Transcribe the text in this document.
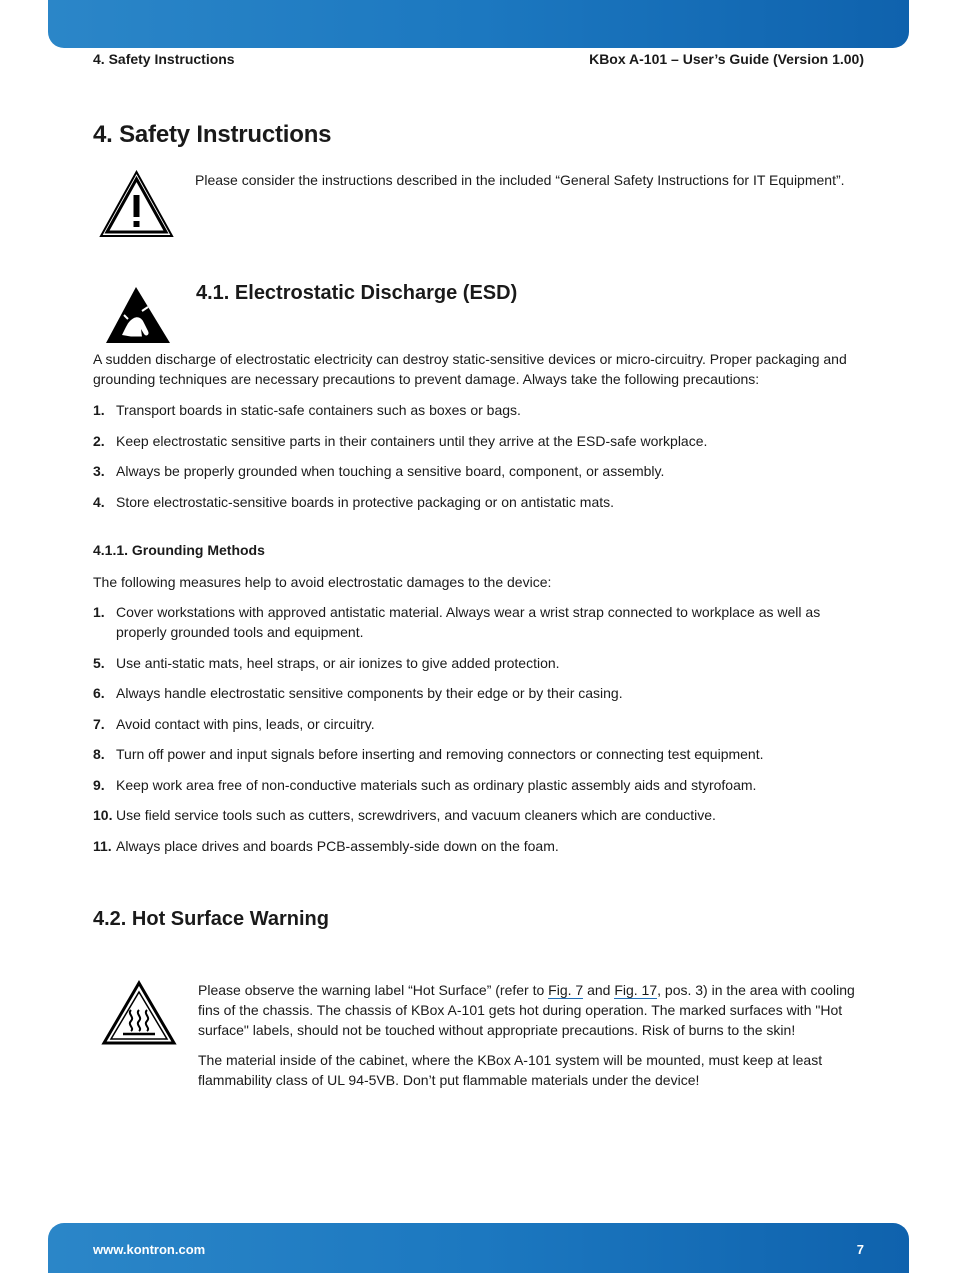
4. Safety Instructions	KBox A-101 – User’s Guide (Version 1.00)
4. Safety Instructions

Please consider the instructions described in the included “General Safety Instructions for IT Equipment”.

4.1. Electrostatic Discharge (ESD)

A sudden discharge of electrostatic electricity can destroy static-sensitive devices or micro-circuitry. Proper packaging and grounding techniques are necessary precautions to prevent damage. Always take the following precautions:

1. Transport boards in static-safe containers such as boxes or bags.
2. Keep electrostatic sensitive parts in their containers until they arrive at the ESD-safe workplace.
3. Always be properly grounded when touching a sensitive board, component, or assembly.
4. Store electrostatic-sensitive boards in protective packaging or on antistatic mats.
4.1.1. Grounding Methods

The following measures help to avoid electrostatic damages to the device:

1. Cover workstations with approved antistatic material. Always wear a wrist strap connected to workplace as well as properly grounded tools and equipment.
5. Use anti-static mats, heel straps, or air ionizes to give added protection.
6. Always handle electrostatic sensitive components by their edge or by their casing.
7. Avoid contact with pins, leads, or circuitry.
8. Turn off power and input signals before inserting and removing connectors or connecting test equipment.
9. Keep work area free of non-conductive materials such as ordinary plastic assembly aids and styrofoam.
10. Use field service tools such as cutters, screwdrivers, and vacuum cleaners which are conductive.
11. Always place drives and boards PCB-assembly-side down on the foam.
4.2. Hot Surface Warning

Please observe the warning label “Hot Surface” (refer to Fig. 7 and Fig. 17, pos. 3) in the area with cooling fins of the chassis. The chassis of KBox A-101 gets hot during operation. The marked surfaces with "Hot surface" labels, should not be touched without appropriate precautions. Risk of burns to the skin!

The material inside of the cabinet, where the KBox A-101 system will be mounted, must keep at least flammability class of UL 94-5VB. Don’t put flammable materials under the device!

www.kontron.com	7
